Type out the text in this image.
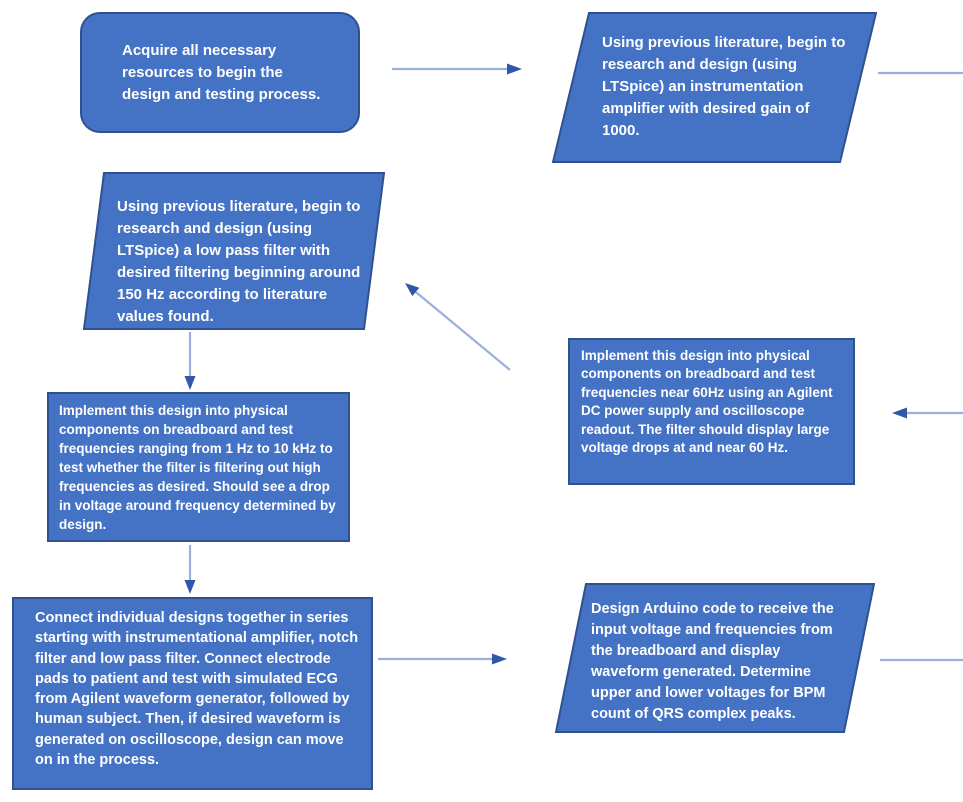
Acquire all necessary resources to begin the design and testing process.
Using previous literature, begin to research and design (using LTSpice) an instrumentation amplifier with desired gain of 1000.
Using previous literature, begin to research and design (using LTSpice) a low pass filter with desired filtering beginning around 150 Hz according to literature values found.
Implement this design into physical components on breadboard and test frequencies near 60Hz using an Agilent DC power supply and oscilloscope readout. The filter should display large voltage drops at and near 60 Hz.
Implement this design into physical components on breadboard and test frequencies ranging from 1 Hz to 10 kHz to test whether the filter is filtering out high frequencies as desired. Should see a drop in voltage around frequency determined by design.
Connect individual designs together in series starting with instrumentational amplifier, notch filter and low pass filter. Connect electrode pads to patient and test with simulated ECG from Agilent waveform generator, followed by human subject. Then, if desired waveform is generated on oscilloscope, design can move on in the process.
Design Arduino code to receive the input voltage and frequencies from the breadboard and display waveform generated. Determine upper and lower voltages for BPM count of QRS complex peaks.
